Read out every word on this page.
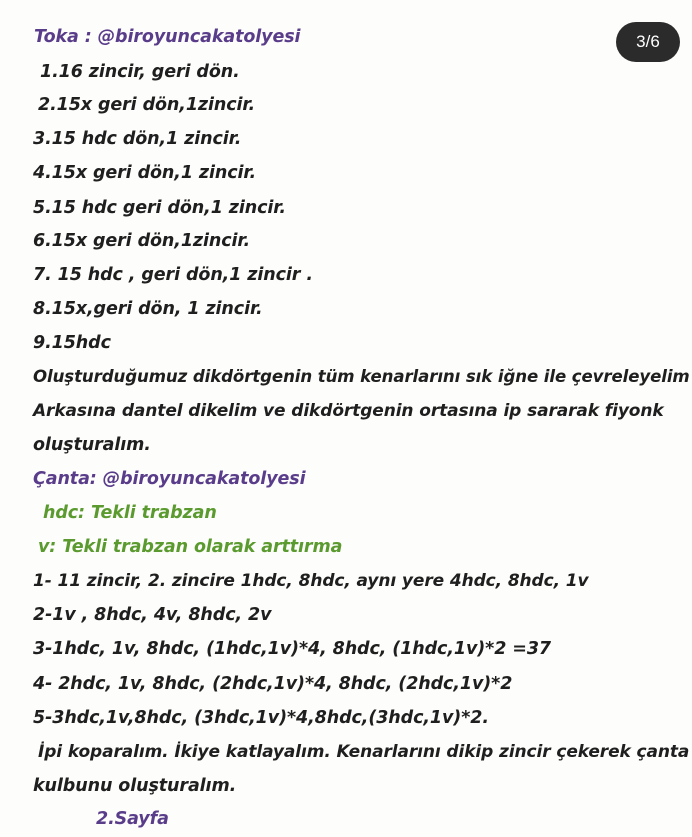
Toka : @biroyuncakatolyesi	3/6
1.16 zincir, geri dön.
2.15x geri dön,1zincir.
3.15 hdc dön,1 zincir.
4.15x geri dön,1 zincir.
5.15 hdc geri dön,1 zincir.
6.15x geri dön,1zincir.
7. 15 hdc , geri dön,1 zincir .
8.15x,geri dön, 1 zincir.
9.15hdc
Oluşturduğumuz dikdörtgenin tüm kenarlarını sık iğne ile çevreleyelim
Arkasına dantel dikelim ve dikdörtgenin ortasına ip sararak fiyonk
oluşturalım.
Çanta: @biroyuncakatolyesi
hdc: Tekli trabzan
v: Tekli trabzan olarak arttırma
1- 11 zincir, 2. zincire 1hdc, 8hdc, aynı yere 4hdc, 8hdc, 1v
2-1v , 8hdc, 4v, 8hdc, 2v
3-1hdc, 1v, 8hdc, (1hdc,1v)*4, 8hdc, (1hdc,1v)*2 =37
4- 2hdc, 1v, 8hdc, (2hdc,1v)*4, 8hdc, (2hdc,1v)*2
5-3hdc,1v,8hdc, (3hdc,1v)*4,8hdc,(3hdc,1v)*2.
İpi koparalım. İkiye katlayalım. Kenarlarını dikip zincir çekerek çanta
kulbunu oluşturalım.
2.Sayfa
